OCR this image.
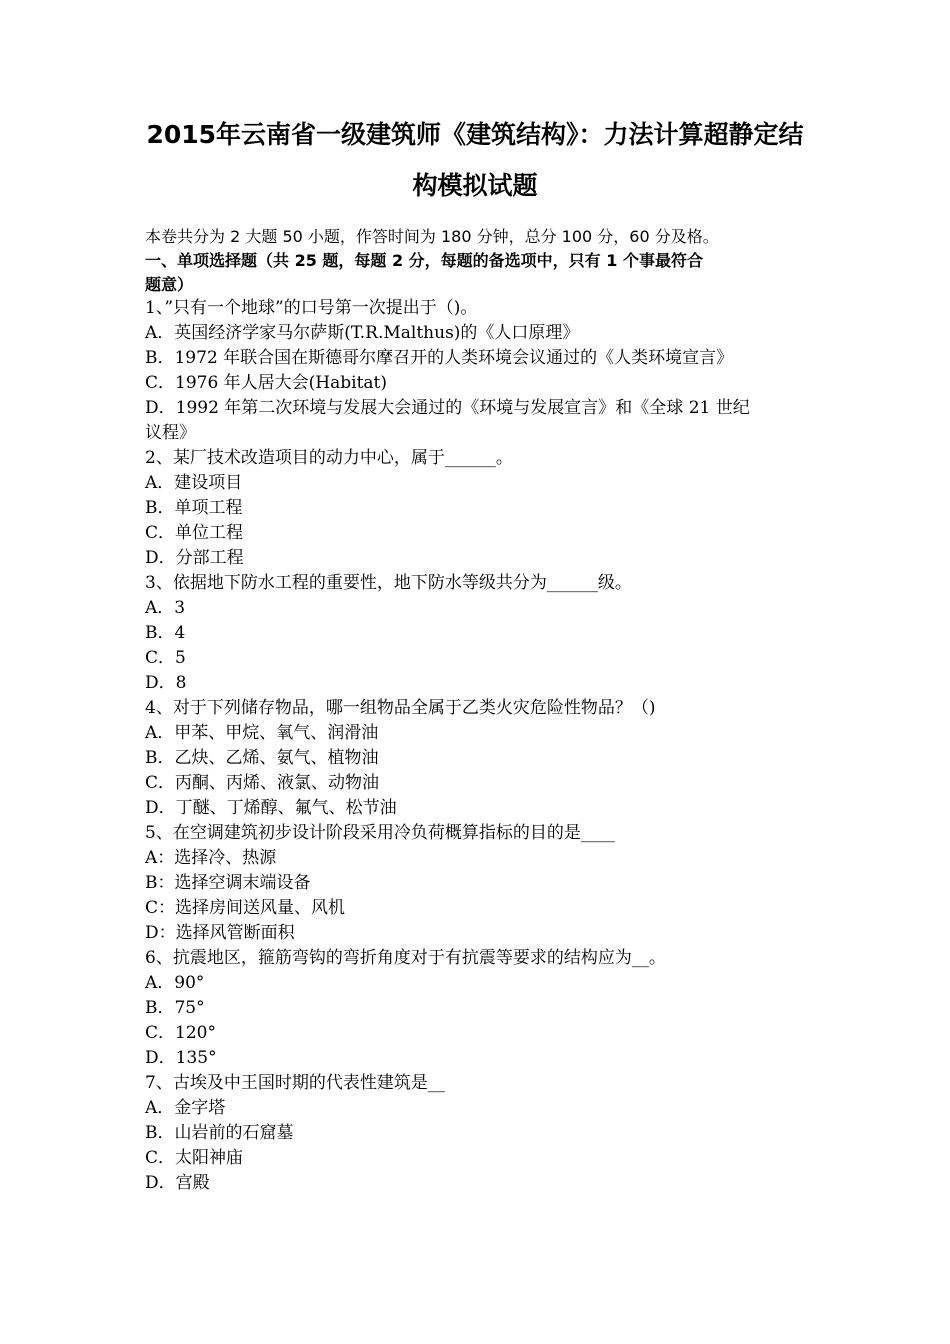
2015年云南省一级建筑师《建筑结构》：力法计算超静定结
构模拟试题
本卷共分为 2 大题 50 小题，作答时间为 180 分钟，总分 100 分，60 分及格。
一、单项选择题（共 25 题，每题 2 分，每题的备选项中，只有 1 个事最符合
题意）
1、”只有一个地球”的口号第一次提出于（)。
A．英国经济学家马尔萨斯(T.R.Malthus)的《人口原理》
B．1972 年联合国在斯德哥尔摩召开的人类环境会议通过的《人类环境宣言》
C．1976 年人居大会(Habitat)
D．1992 年第二次环境与发展大会通过的《环境与发展宣言》和《全球 21 世纪
议程》
2、某厂技术改造项目的动力中心，属于______。
A．建设项目
B．单项工程
C．单位工程
D．分部工程
3、依据地下防水工程的重要性，地下防水等级共分为______级。
A．3
B．4
C．5
D．8
4、对于下列储存物品，哪一组物品全属于乙类火灾危险性物品？（)
A．甲苯、甲烷、氧气、润滑油
B．乙炔、乙烯、氨气、植物油
C．丙酮、丙烯、液氯、动物油
D．丁醚、丁烯醇、氟气、松节油
5、在空调建筑初步设计阶段采用冷负荷概算指标的目的是____
A：选择冷、热源
B：选择空调末端设备
C：选择房间送风量、风机
D：选择风管断面积
6、抗震地区，箍筋弯钩的弯折角度对于有抗震等要求的结构应为__。
A．90°
B．75°
C．120°
D．135°
7、古埃及中王国时期的代表性建筑是__
A．金字塔
B．山岩前的石窟墓
C．太阳神庙
D．宫殿
